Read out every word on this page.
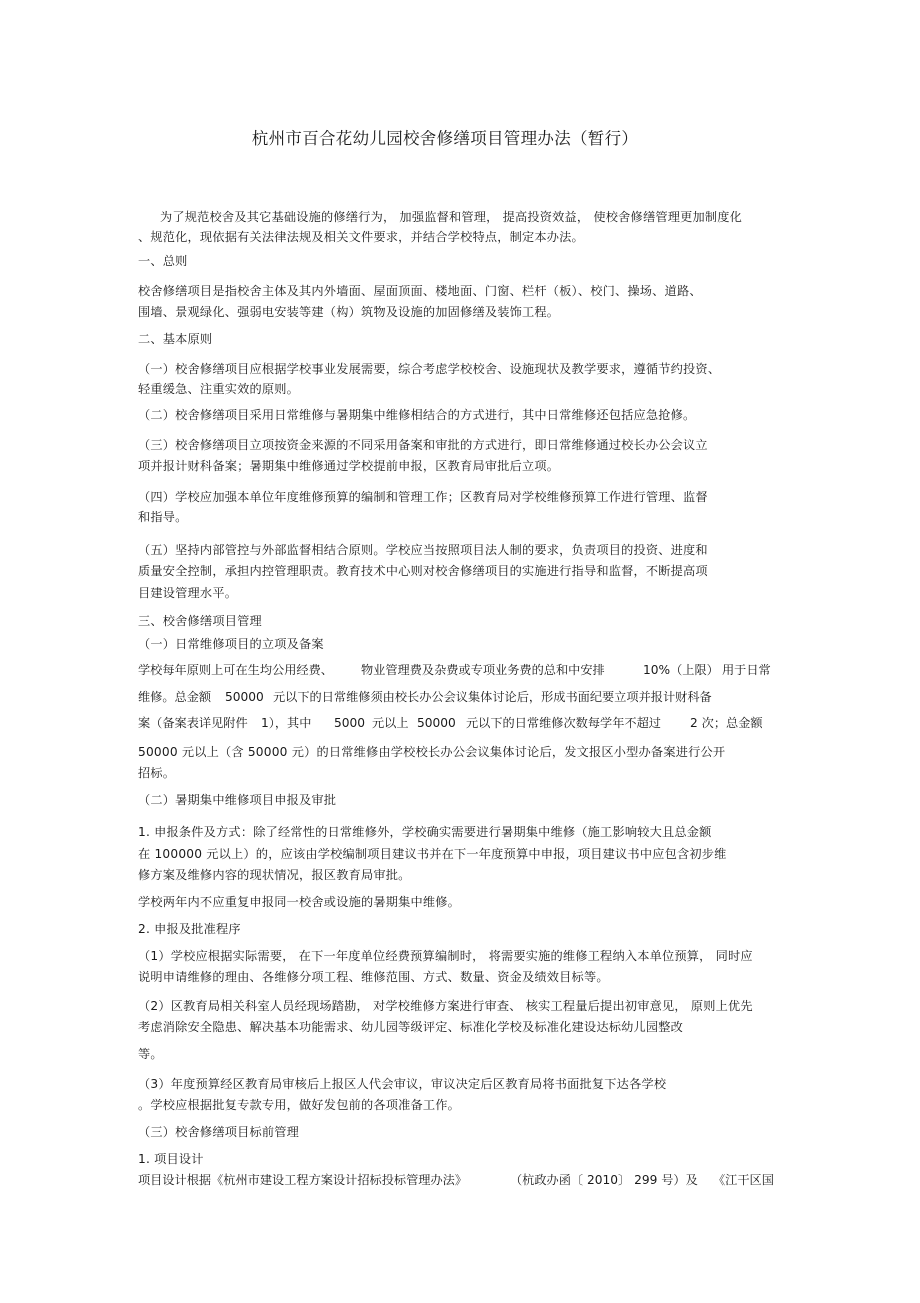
杭州市百合花幼儿园校舍修缮项目管理办法（暂行）
为了规范校舍及其它基础设施的修缮行为， 加强监督和管理， 提高投资效益， 使校舍修缮管理更加制度化
、规范化，现依据有关法律法规及相关文件要求，并结合学校特点，制定本办法。
一、总则
校舍修缮项目是指校舍主体及其内外墙面、屋面顶面、楼地面、门窗、栏杆（板）、校门、操场、道路、
围墙、景观绿化、强弱电安装等建（构）筑物及设施的加固修缮及装饰工程。
二、基本原则
（一）校舍修缮项目应根据学校事业发展需要，综合考虑学校校舍、设施现状及教学要求，遵循节约投资、
轻重缓急、注重实效的原则。
（二）校舍修缮项目采用日常维修与暑期集中维修相结合的方式进行，其中日常维修还包括应急抢修。
（三）校舍修缮项目立项按资金来源的不同采用备案和审批的方式进行，即日常维修通过校长办公会议立
项并报计财科备案；暑期集中维修通过学校提前申报，区教育局审批后立项。
（四）学校应加强本单位年度维修预算的编制和管理工作；区教育局对学校维修预算工作进行管理、监督
和指导。
（五）坚持内部管控与外部监督相结合原则。学校应当按照项目法人制的要求，负责项目的投资、进度和
质量安全控制，承担内控管理职责。教育技术中心则对校舍修缮项目的实施进行指导和监督，不断提高项
目建设管理水平。
三、校舍修缮项目管理
（一）日常维修项目的立项及备案
学校每年原则上可在生均公用经费、 物业管理费及杂费或专项业务费的总和中安排	10%（上限） 用于日常
维修。总金额 50000 元以下的日常维修须由校长办公会议集体讨论后，形成书面纪要立项并报计财科备
案（备案表详见附件 1），其中 5000 元以上 50000 元以下的日常维修次数每学年不超过 2 次；总金额
50000 元以上（含 50000 元）的日常维修由学校校长办公会议集体讨论后，发文报区小型办备案进行公开
招标。
（二）暑期集中维修项目申报及审批
1. 申报条件及方式：除了经常性的日常维修外，学校确实需要进行暑期集中维修（施工影响较大且总金额
在 100000 元以上）的，应该由学校编制项目建议书并在下一年度预算中申报，项目建议书中应包含初步维
修方案及维修内容的现状情况，报区教育局审批。
学校两年内不应重复申报同一校舍或设施的暑期集中维修。
2. 申报及批准程序
（1）学校应根据实际需要， 在下一年度单位经费预算编制时， 将需要实施的维修工程纳入本单位预算， 同时应
说明申请维修的理由、各维修分项工程、维修范围、方式、数量、资金及绩效目标等。
（2）区教育局相关科室人员经现场踏勘， 对学校维修方案进行审查、 核实工程量后提出初审意见， 原则上优先
考虑消除安全隐患、解决基本功能需求、幼儿园等级评定、标准化学校及标准化建设达标幼儿园整改
等。
（3）年度预算经区教育局审核后上报区人代会审议，审议决定后区教育局将书面批复下达各学校
。学校应根据批复专款专用，做好发包前的各项准备工作。
（三）校舍修缮项目标前管理
1. 项目设计
项目设计根据《杭州市建设工程方案设计招标投标管理办法》	（杭政办函〔 2010〕 299 号）及 《江干区国
